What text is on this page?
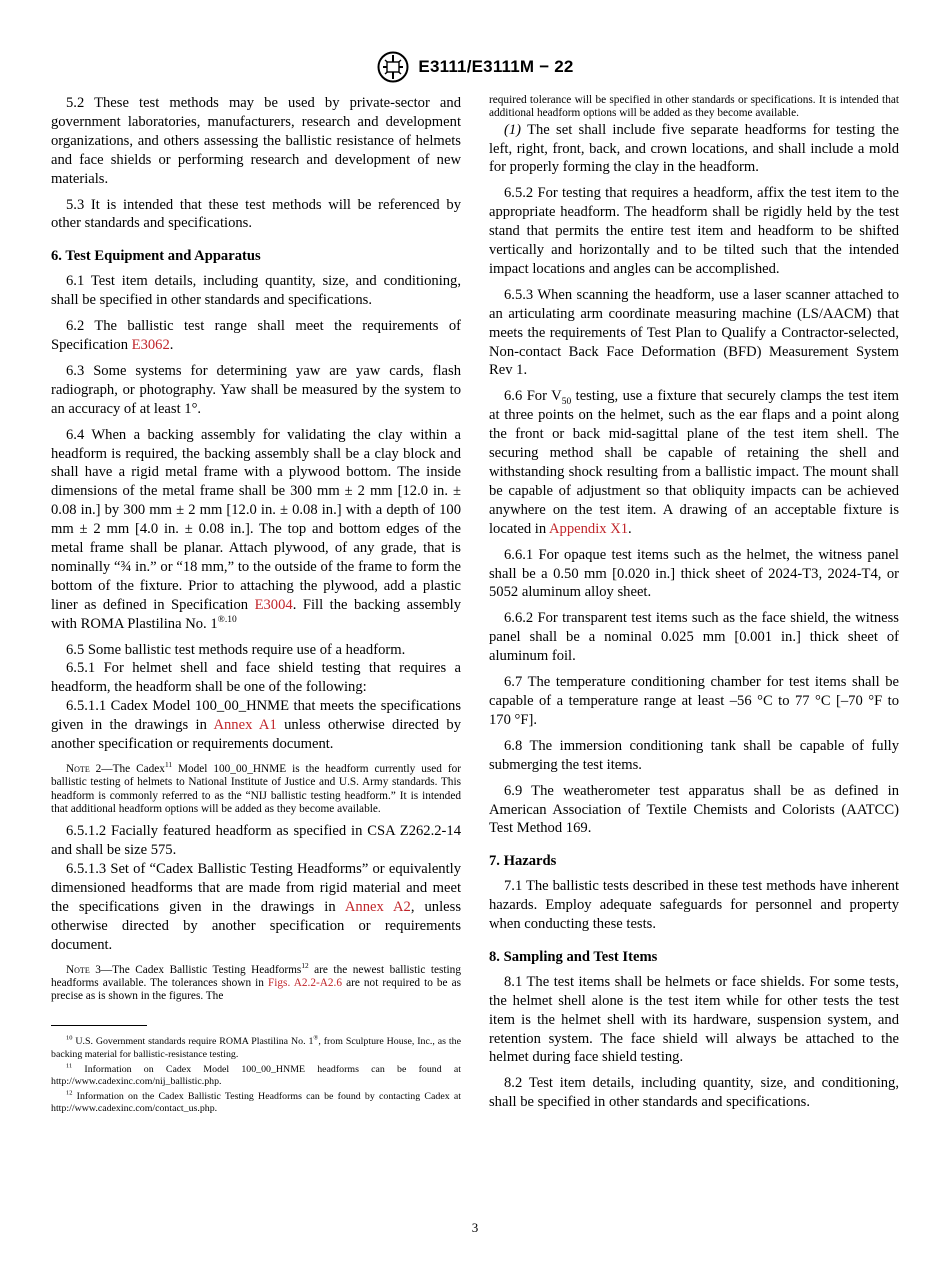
E3111/E3111M − 22

5.2 These test methods may be used by private-sector and government laboratories, manufacturers, research and development organizations, and others assessing the ballistic resistance of helmets and face shields or performing research and development of new materials.

5.3 It is intended that these test methods will be referenced by other standards and specifications.

6. Test Equipment and Apparatus

6.1 Test item details, including quantity, size, and conditioning, shall be specified in other standards and specifications.

6.2 The ballistic test range shall meet the requirements of Specification E3062.

6.3 Some systems for determining yaw are yaw cards, flash radiograph, or photography. Yaw shall be measured by the system to an accuracy of at least 1°.

6.4 When a backing assembly for validating the clay within a headform is required, the backing assembly shall be a clay block and shall have a rigid metal frame with a plywood bottom. The inside dimensions of the metal frame shall be 300 mm ± 2 mm [12.0 in. ± 0.08 in.] by 300 mm ± 2 mm [12.0 in. ± 0.08 in.] with a depth of 100 mm ± 2 mm [4.0 in. ± 0.08 in.]. The top and bottom edges of the metal frame shall be planar. Attach plywood, of any grade, that is nominally “¾ in.” or “18 mm,” to the outside of the frame to form the bottom of the fixture. Prior to attaching the plywood, add a plastic liner as defined in Specification E3004. Fill the backing assembly with ROMA Plastilina No. $1^{®.10}$

6.5 Some ballistic test methods require use of a headform.

6.5.1 For helmet shell and face shield testing that requires a headform, the headform shall be one of the following:

6.5.1.1 Cadex Model 100_00_HNME that meets the specifications given in the drawings in Annex A1 unless otherwise directed by another specification or requirements document.

Note 2—The Cadex$^{11}$ Model 100_00_HNME is the headform currently used for ballistic testing of helmets to National Institute of Justice and U.S. Army standards. This headform is commonly referred to as the “NIJ ballistic testing headform.” It is intended that additional headform options will be added as they become available.

6.5.1.2 Facially featured headform as specified in CSA Z262.2-14 and shall be size 575.

6.5.1.3 Set of “Cadex Ballistic Testing Headforms” or equivalently dimensioned headforms that are made from rigid material and meet the specifications given in the drawings in Annex A2, unless otherwise directed by another specification or requirements document.

Note 3—The Cadex Ballistic Testing Headforms$^{12}$ are the newest ballistic testing headforms available. The tolerances shown in Figs. A2.2-A2.6 are not required to be as precise as is shown in the figures. The

$^{10}$ U.S. Government standards require ROMA Plastilina No. 1®, from Sculpture House, Inc., as the backing material for ballistic-resistance testing.

$^{11}$ Information on Cadex Model 100_00_HNME headforms can be found at http://www.cadexinc.com/nij_ballistic.php.

$^{12}$ Information on the Cadex Ballistic Testing Headforms can be found by contacting Cadex at http://www.cadexinc.com/contact_us.php.

required tolerance will be specified in other standards or specifications. It is intended that additional headform options will be added as they become available.

(1) The set shall include five separate headforms for testing the left, right, front, back, and crown locations, and shall include a mold for properly forming the clay in the headform.

6.5.2 For testing that requires a headform, affix the test item to the appropriate headform. The headform shall be rigidly held by the test stand that permits the entire test item and headform to be shifted vertically and horizontally and to be tilted such that the intended impact locations and angles can be accomplished.

6.5.3 When scanning the headform, use a laser scanner attached to an articulating arm coordinate measuring machine (LS/AACM) that meets the requirements of Test Plan to Qualify a Contractor-selected, Non-contact Back Face Deformation (BFD) Measurement System Rev 1.

6.6 For $V_{50}$ testing, use a fixture that securely clamps the test item at three points on the helmet, such as the ear flaps and a point along the front or back mid-sagittal plane of the test item shell. The securing method shall be capable of retaining the shell and withstanding shock resulting from a ballistic impact. The mount shall be capable of adjustment so that obliquity impacts can be achieved anywhere on the test item. A drawing of an acceptable fixture is located in Appendix X1.

6.6.1 For opaque test items such as the helmet, the witness panel shall be a 0.50 mm [0.020 in.] thick sheet of 2024-T3, 2024-T4, or 5052 aluminum alloy sheet.

6.6.2 For transparent test items such as the face shield, the witness panel shall be a nominal 0.025 mm [0.001 in.] thick sheet of aluminum foil.

6.7 The temperature conditioning chamber for test items shall be capable of a temperature range at least –56 °C to 77 °C [–70 °F to 170 °F].

6.8 The immersion conditioning tank shall be capable of fully submerging the test items.

6.9 The weatherometer test apparatus shall be as defined in American Association of Textile Chemists and Colorists (AATCC) Test Method 169.

7. Hazards

7.1 The ballistic tests described in these test methods have inherent hazards. Employ adequate safeguards for personnel and property when conducting these tests.

8. Sampling and Test Items

8.1 The test items shall be helmets or face shields. For some tests, the helmet shell alone is the test item while for other tests the test item is the helmet shell with its hardware, suspension system, and retention system. The face shield will always be attached to the helmet during face shield testing.

8.2 Test item details, including quantity, size, and conditioning, shall be specified in other standards and specifications.

3
